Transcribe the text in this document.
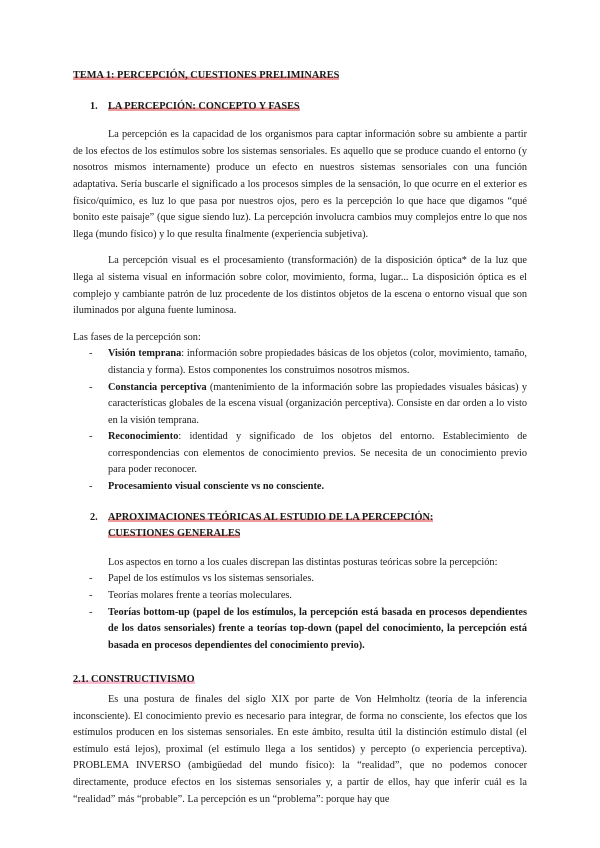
TEMA 1: PERCEPCIÓN, CUESTIONES PRELIMINARES
1. LA PERCEPCIÓN: CONCEPTO Y FASES

La percepción es la capacidad de los organismos para captar información sobre su ambiente a partir de los efectos de los estímulos sobre los sistemas sensoriales. Es aquello que se produce cuando el entorno (y nosotros mismos internamente) produce un efecto en nuestros sistemas sensoriales con una función adaptativa. Sería buscarle el significado a los procesos simples de la sensación, lo que ocurre en el exterior es físico/químico, es luz lo que pasa por nuestros ojos, pero es la percepción lo que hace que digamos “qué bonito este paisaje” (que sigue siendo luz). La percepción involucra cambios muy complejos entre lo que nos llega (mundo físico) y lo que resulta finalmente (experiencia subjetiva).

La percepción visual es el procesamiento (transformación) de la disposición óptica* de la luz que llega al sistema visual en información sobre color, movimiento, forma, lugar... La disposición óptica es el complejo y cambiante patrón de luz procedente de los distintos objetos de la escena o entorno visual que son iluminados por alguna fuente luminosa.

Las fases de la percepción son:

- Visión temprana: información sobre propiedades básicas de los objetos (color, movimiento, tamaño, distancia y forma). Estos componentes los construimos nosotros mismos.
- Constancia perceptiva (mantenimiento de la información sobre las propiedades visuales básicas) y características globales de la escena visual (organización perceptiva). Consiste en dar orden a lo visto en la visión temprana.
- Reconocimiento: identidad y significado de los objetos del entorno. Establecimiento de correspondencias con elementos de conocimiento previos. Se necesita de un conocimiento previo para poder reconocer.
- Procesamiento visual consciente vs no consciente.
2. APROXIMACIONES TEÓRICAS AL ESTUDIO DE LA PERCEPCIÓN:
CUESTIONES GENERALES

Los aspectos en torno a los cuales discrepan las distintas posturas teóricas sobre la percepción:

- Papel de los estímulos vs los sistemas sensoriales.
- Teorías molares frente a teorías moleculares.
- Teorías bottom-up (papel de los estímulos, la percepción está basada en procesos dependientes de los datos sensoriales) frente a teorías top-down (papel del conocimiento, la percepción está basada en procesos dependientes del conocimiento previo).
2.1. CONSTRUCTIVISMO

Es una postura de finales del siglo XIX por parte de Von Helmholtz (teoría de la inferencia inconsciente). El conocimiento previo es necesario para integrar, de forma no consciente, los efectos que los estímulos producen en los sistemas sensoriales. En este ámbito, resulta útil la distinción estímulo distal (el estímulo está lejos), proximal (el estímulo llega a los sentidos) y percepto (o experiencia perceptiva). PROBLEMA INVERSO (ambigüedad del mundo físico): la “realidad”, que no podemos conocer directamente, produce efectos en los sistemas sensoriales y, a partir de ellos, hay que inferir cuál es la “realidad” más “probable”. La percepción es un “problema”: porque hay que
